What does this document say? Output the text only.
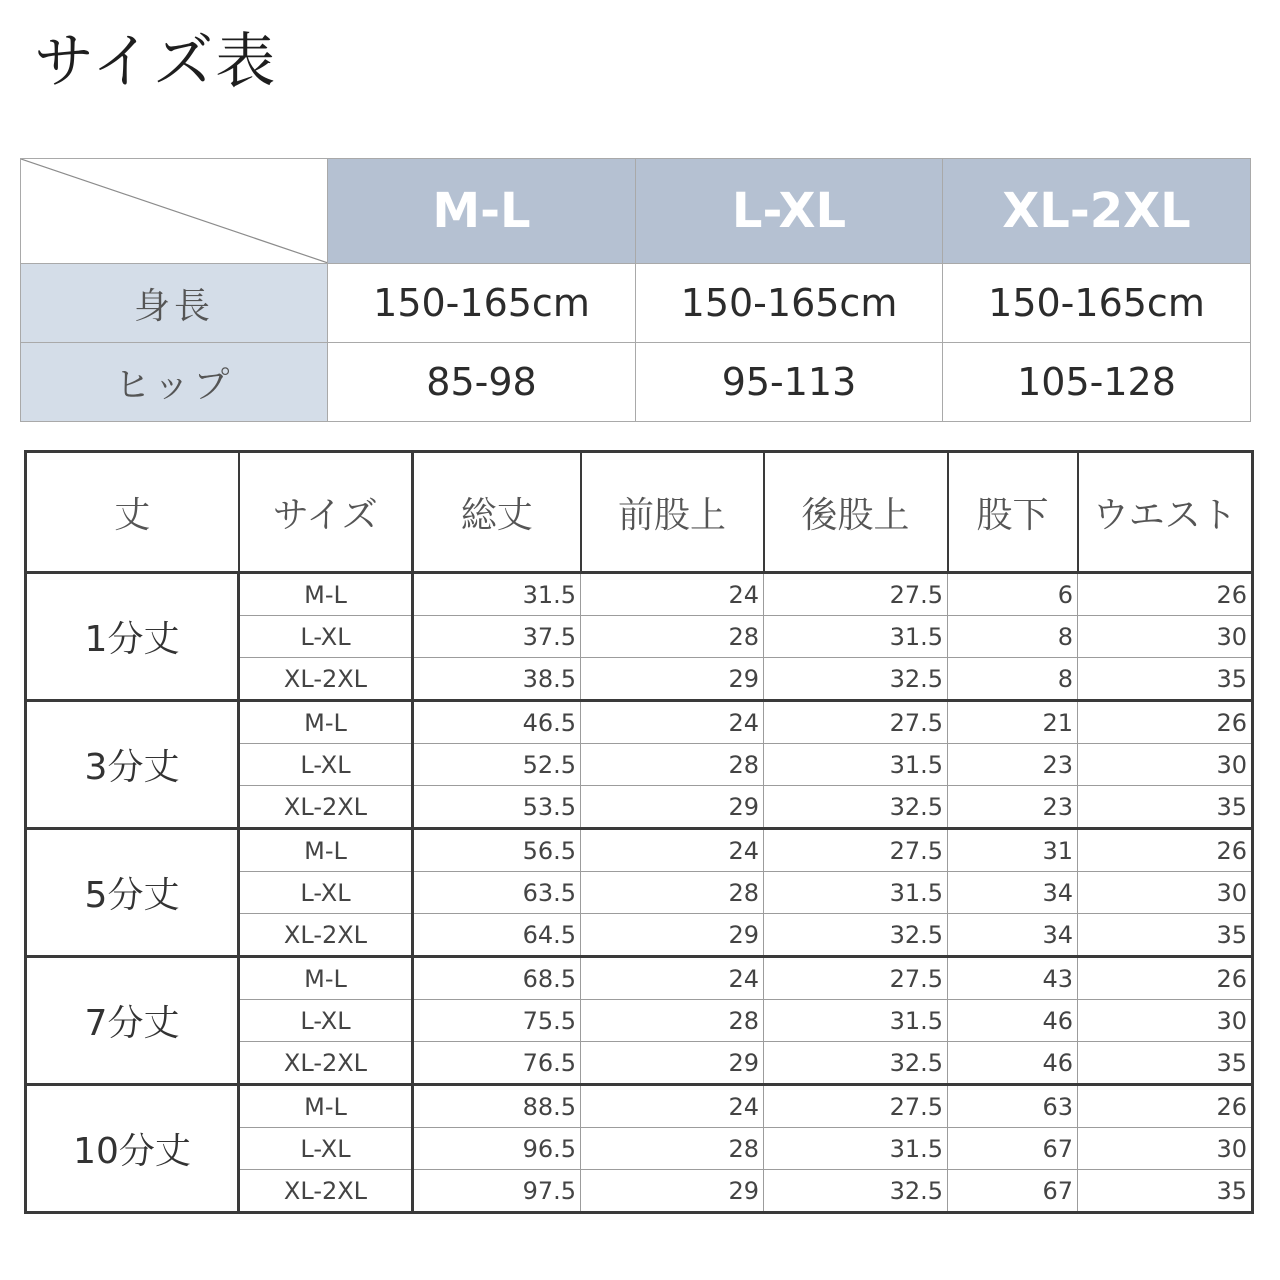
サイズ表
	M-L	L-XL	XL-2XL
身長	150-165cm	150-165cm	150-165cm
ヒップ	85-98	95-113	105-128
丈	サイズ	総丈	前股上	後股上	股下	ウエスト
1分丈	M-L	31.5	24	27.5	6	26
	L-XL	37.5	28	31.5	8	30
	XL-2XL	38.5	29	32.5	8	35
3分丈	M-L	46.5	24	27.5	21	26
	L-XL	52.5	28	31.5	23	30
	XL-2XL	53.5	29	32.5	23	35
5分丈	M-L	56.5	24	27.5	31	26
	L-XL	63.5	28	31.5	34	30
	XL-2XL	64.5	29	32.5	34	35
7分丈	M-L	68.5	24	27.5	43	26
	L-XL	75.5	28	31.5	46	30
	XL-2XL	76.5	29	32.5	46	35
10分丈	M-L	88.5	24	27.5	63	26
	L-XL	96.5	28	31.5	67	30
	XL-2XL	97.5	29	32.5	67	35
